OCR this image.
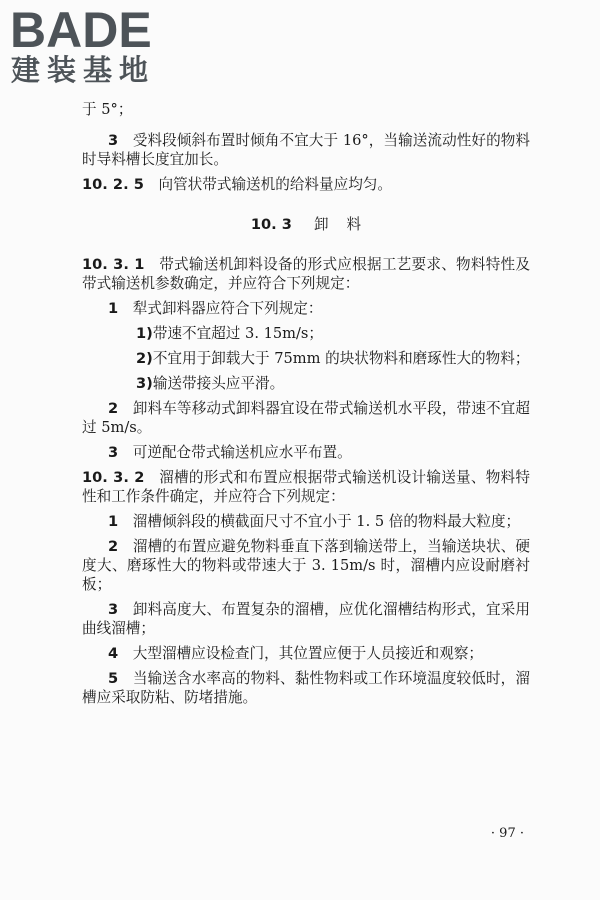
BADE
建装基地

于 5°；

3  受料段倾斜布置时倾角不宜大于 16°，当输送流动性好的物料时导料槽长度宜加长。

10. 2. 5  向管状带式输送机的给料量应均匀。

10. 3 卸 料

10. 3. 1  带式输送机卸料设备的形式应根据工艺要求、物料特性及带式输送机参数确定，并应符合下列规定：

1  犁式卸料器应符合下列规定：

1)带速不宜超过 3. 15m/s；

2)不宜用于卸载大于 75mm 的块状物料和磨琢性大的物料；

3)输送带接头应平滑。

2  卸料车等移动式卸料器宜设在带式输送机水平段，带速不宜超过 5m/s。

3  可逆配仓带式输送机应水平布置。

10. 3. 2  溜槽的形式和布置应根据带式输送机设计输送量、物料特性和工作条件确定，并应符合下列规定：

1  溜槽倾斜段的横截面尺寸不宜小于 1. 5 倍的物料最大粒度；

2  溜槽的布置应避免物料垂直下落到输送带上，当输送块状、硬度大、磨琢性大的物料或带速大于 3. 15m/s 时，溜槽内应设耐磨衬板；

3  卸料高度大、布置复杂的溜槽，应优化溜槽结构形式，宜采用曲线溜槽；

4  大型溜槽应设检查门，其位置应便于人员接近和观察；

5  当输送含水率高的物料、黏性物料或工作环境温度较低时，溜槽应采取防粘、防堵措施。

· 97 ·
